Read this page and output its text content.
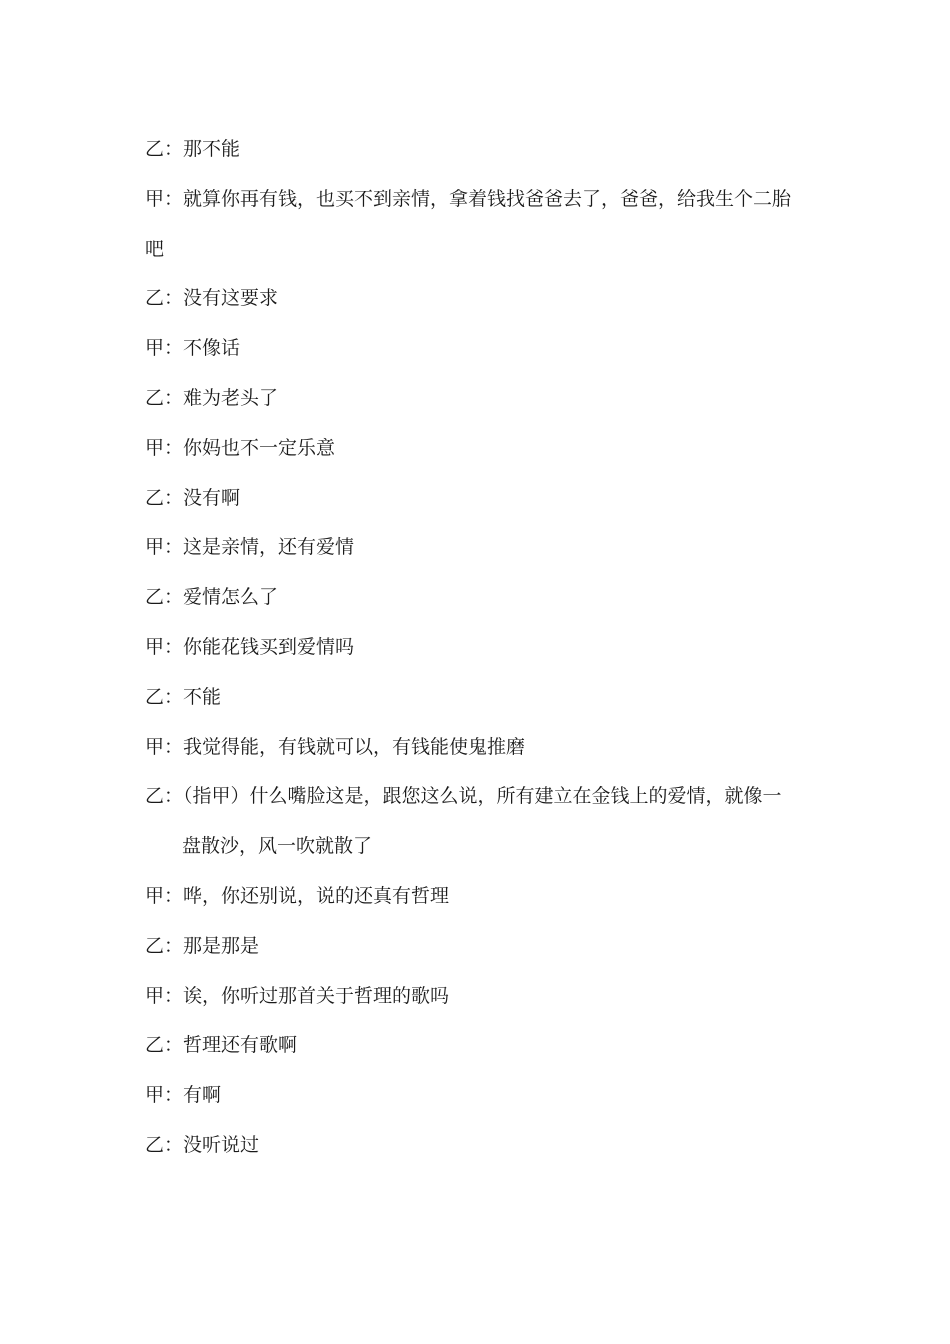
乙：那不能
甲：就算你再有钱，也买不到亲情，拿着钱找爸爸去了，爸爸，给我生个二胎
吧
乙：没有这要求
甲：不像话
乙：难为老头了
甲：你妈也不一定乐意
乙：没有啊
甲：这是亲情，还有爱情
乙：爱情怎么了
甲：你能花钱买到爱情吗
乙：不能
甲：我觉得能，有钱就可以，有钱能使鬼推磨
乙：（指甲）什么嘴脸这是，跟您这么说，所有建立在金钱上的爱情，就像一
盘散沙，风一吹就散了
甲：哗，你还别说，说的还真有哲理
乙：那是那是
甲：诶，你听过那首关于哲理的歌吗
乙：哲理还有歌啊
甲：有啊
乙：没听说过
